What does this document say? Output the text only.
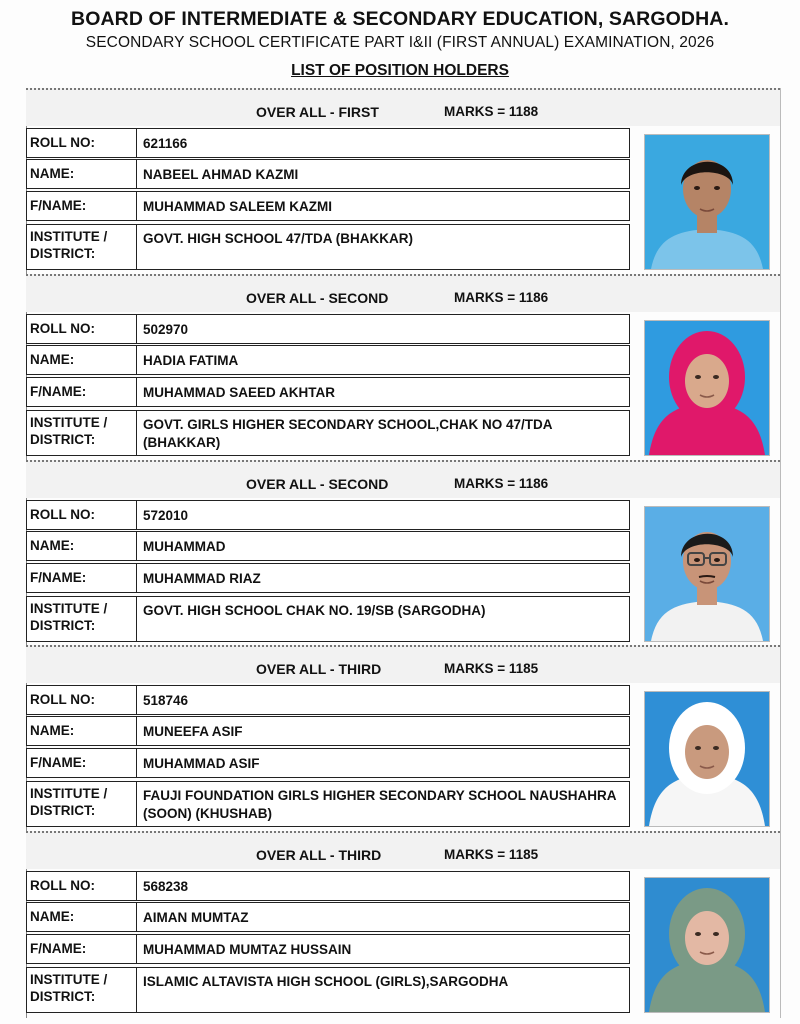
BOARD OF INTERMEDIATE & SECONDARY EDUCATION, SARGODHA.
SECONDARY SCHOOL CERTIFICATE PART I&II (FIRST ANNUAL) EXAMINATION, 2026
LIST OF POSITION HOLDERS
OVER ALL - FIRST	MARKS = 1188
ROLL NO:	621166
NAME:	NABEEL AHMAD KAZMI
F/NAME:	MUHAMMAD SALEEM KAZMI
INSTITUTE /
DISTRICT:
GOVT. HIGH SCHOOL 47/TDA (BHAKKAR)
OVER ALL - SECOND	MARKS = 1186
ROLL NO:	502970
NAME:	HADIA FATIMA
F/NAME:	MUHAMMAD SAEED AKHTAR
INSTITUTE /
DISTRICT:
GOVT. GIRLS HIGHER SECONDARY SCHOOL,CHAK NO 47/TDA (BHAKKAR)
OVER ALL - SECOND	MARKS = 1186
ROLL NO:	572010
NAME:	MUHAMMAD
F/NAME:	MUHAMMAD RIAZ
INSTITUTE /
DISTRICT:
GOVT. HIGH SCHOOL CHAK NO. 19/SB (SARGODHA)
OVER ALL - THIRD	MARKS = 1185
ROLL NO:	518746
NAME:	MUNEEFA ASIF
F/NAME:	MUHAMMAD ASIF
INSTITUTE /
DISTRICT:
FAUJI FOUNDATION GIRLS HIGHER SECONDARY SCHOOL NAUSHAHRA (SOON) (KHUSHAB)
OVER ALL - THIRD	MARKS = 1185
ROLL NO:	568238
NAME:	AIMAN MUMTAZ
F/NAME:	MUHAMMAD MUMTAZ HUSSAIN
INSTITUTE /
DISTRICT:
ISLAMIC ALTAVISTA HIGH SCHOOL (GIRLS),SARGODHA
